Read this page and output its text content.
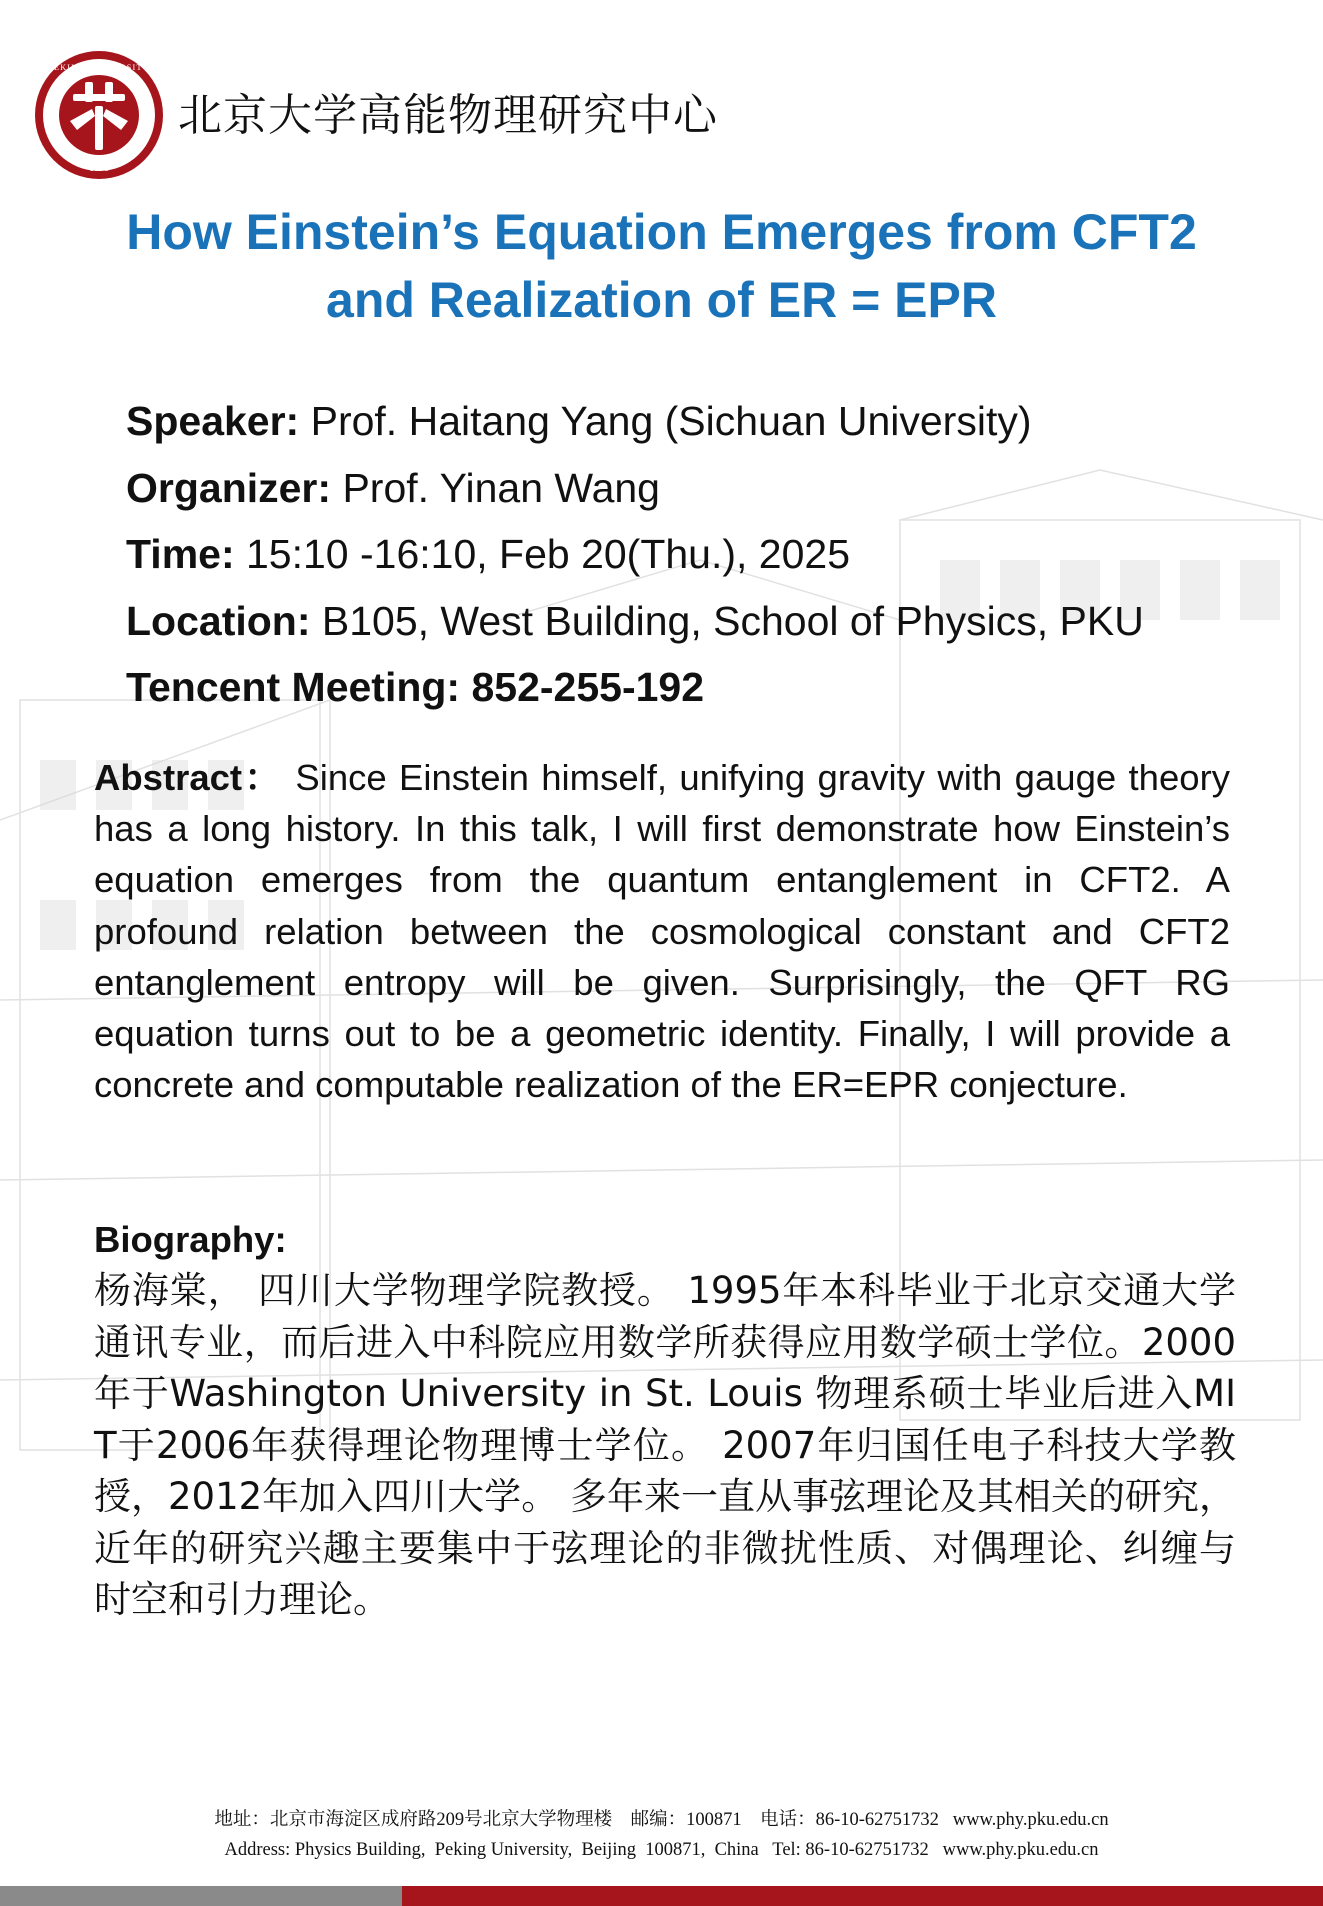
PEKING UNIVERSITY
1898
北京大学高能物理研究中心
How Einstein’s Equation Emerges from CFT2
and Realization of ER = EPR
Speaker: Prof. Haitang Yang (Sichuan University)
Organizer: Prof. Yinan Wang
Time: 15:10 -16:10, Feb 20(Thu.), 2025
Location: B105, West Building, School of Physics, PKU
Tencent Meeting: 852-255-192
Abstract： Since Einstein himself, unifying gravity with gauge theory has a long history. In this talk, I will first demonstrate how Einstein’s equation emerges from the quantum entanglement in CFT2. A profound relation between the cosmological constant and CFT2 entanglement entropy will be given. Surprisingly, the QFT RG equation turns out to be a geometric identity. Finally, I will provide a concrete and computable realization of the ER=EPR conjecture.
Biography:
杨海棠， 四川大学物理学院教授。 1995年本科毕业于北京交通大学通讯专业，而后进入中科院应用数学所获得应用数学硕士学位。2000年于Washington University in St. Louis 物理系硕士毕业后进入MIT于2006年获得理论物理博士学位。 2007年归国任电子科技大学教授，2012年加入四川大学。 多年来一直从事弦理论及其相关的研究，近年的研究兴趣主要集中于弦理论的非微扰性质、对偶理论、纠缠与时空和引力理论。
地址：北京市海淀区成府路209号北京大学物理楼    邮编：100871    电话：86-10-62751732   www.phy.pku.edu.cn
Address: Physics Building,  Peking University,  Beijing  100871,  China   Tel: 86-10-62751732   www.phy.pku.edu.cn
